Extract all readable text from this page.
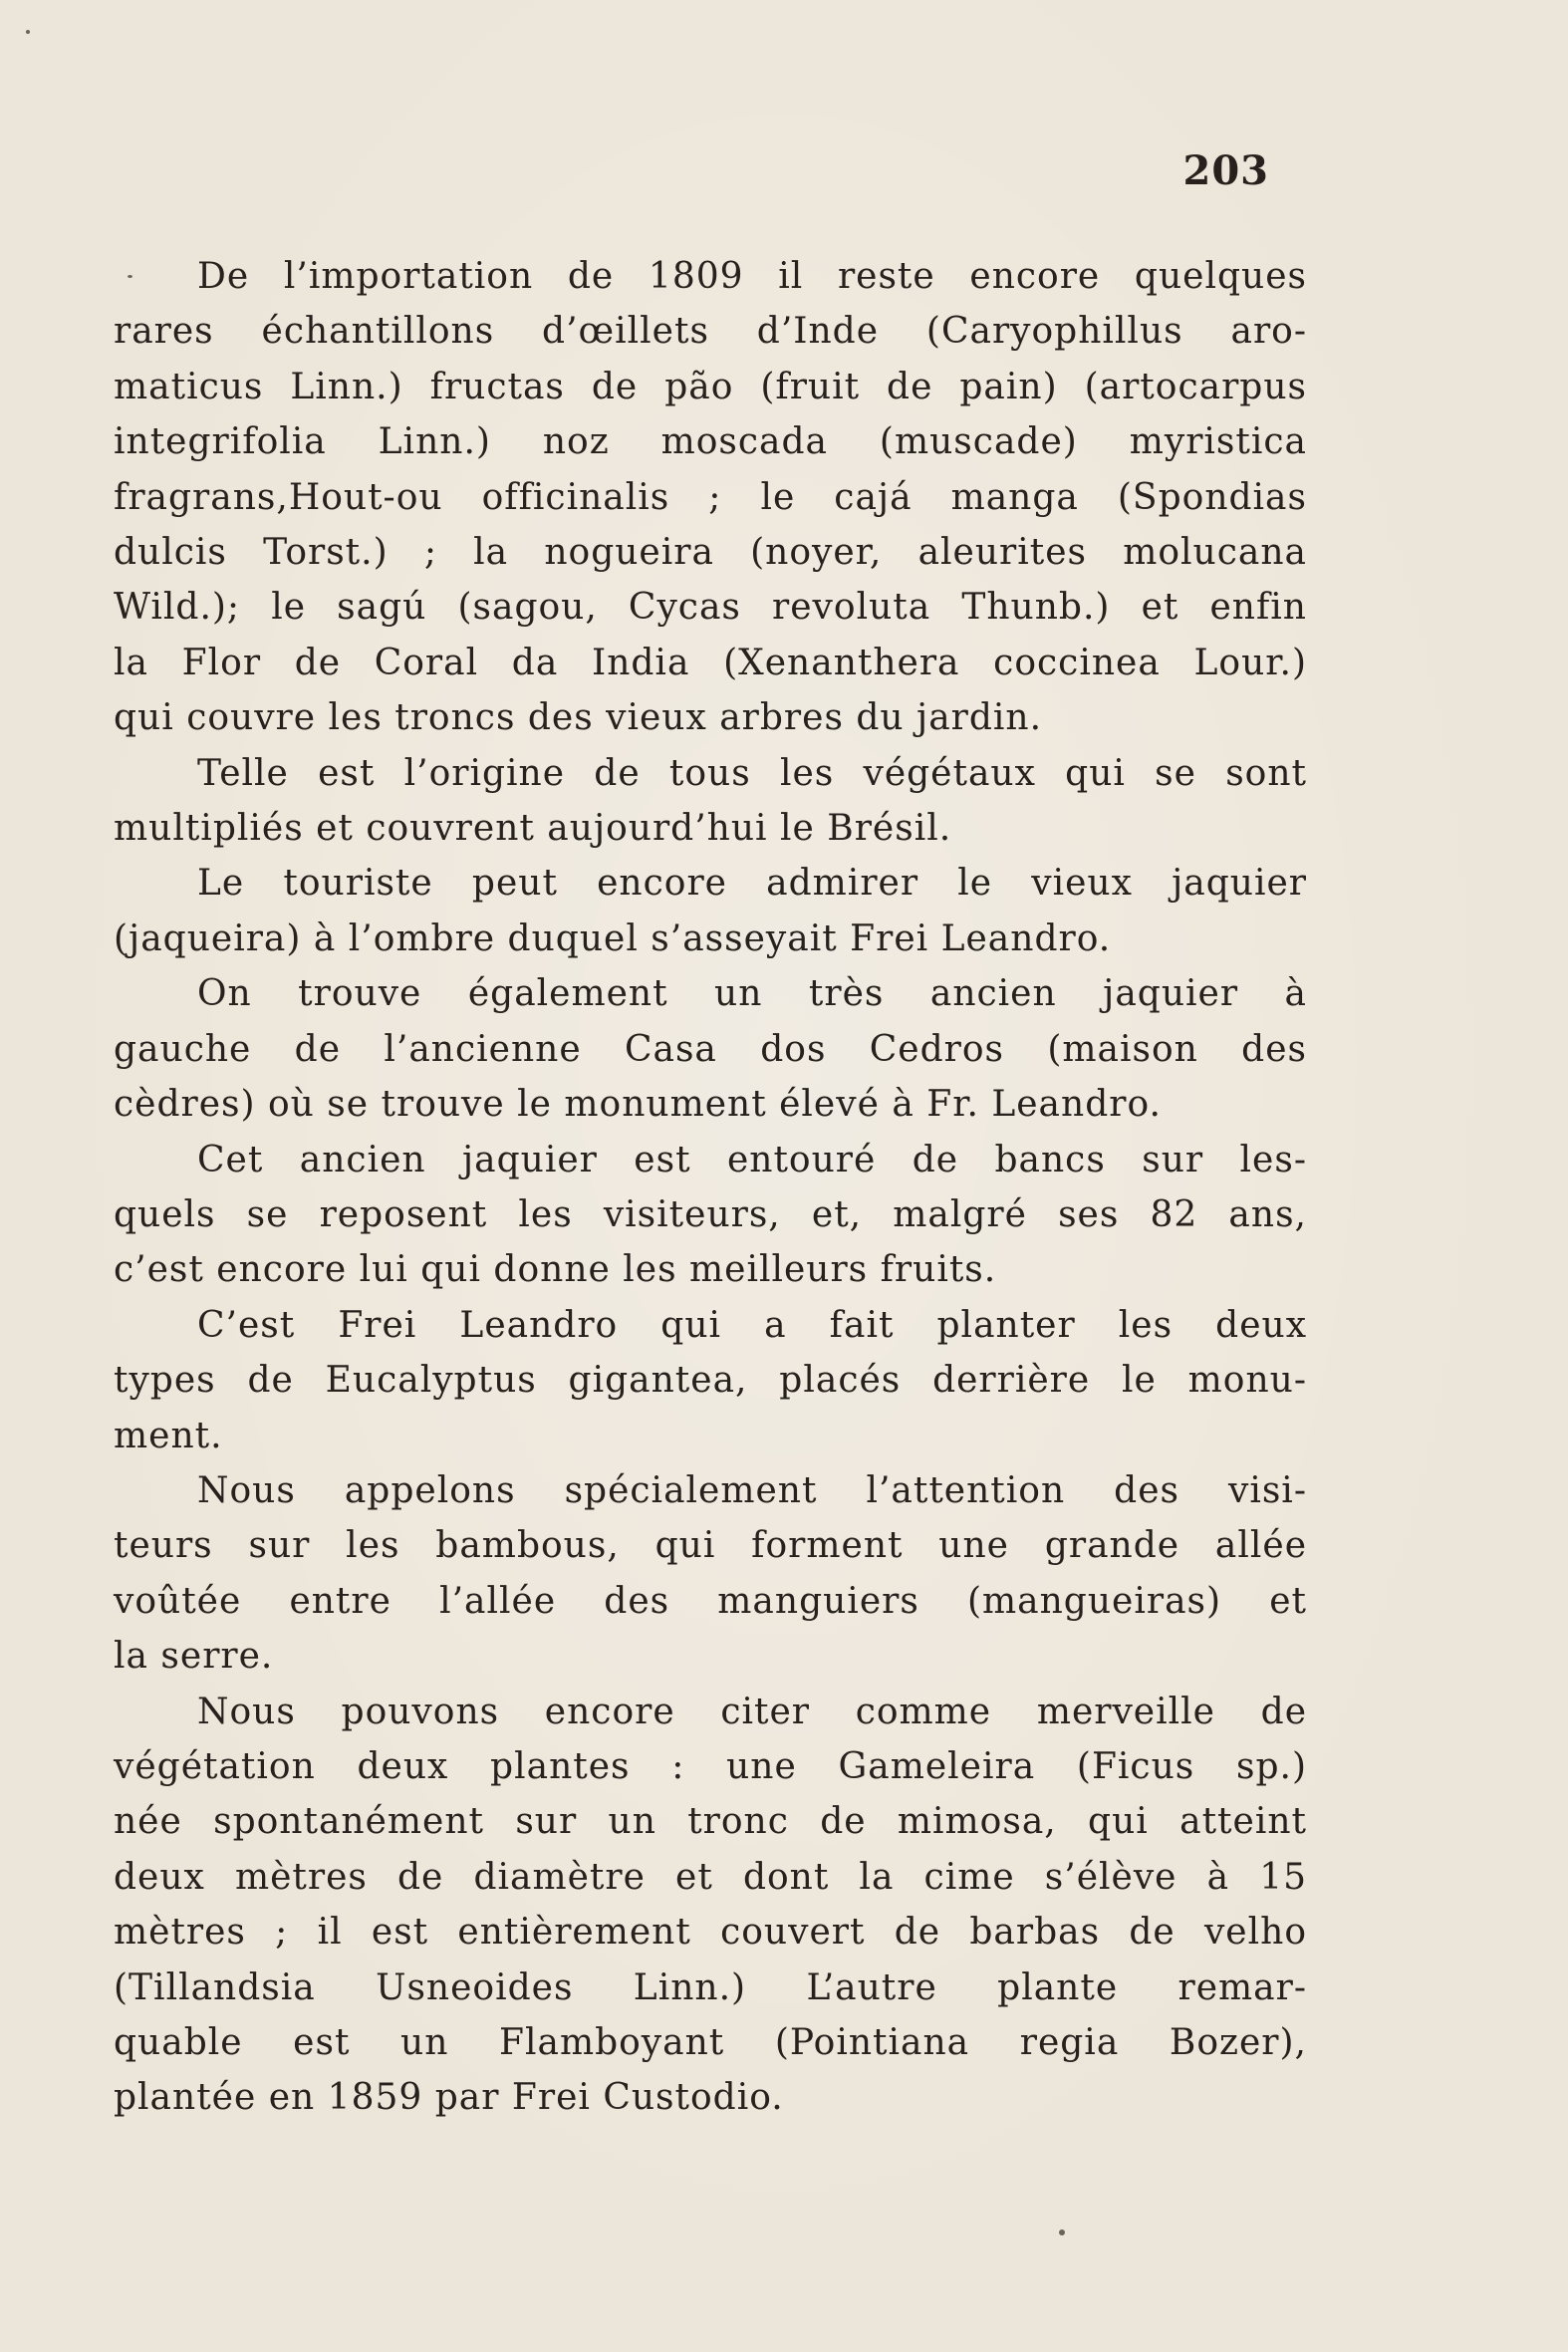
203

De l’importation de 1809 il reste encore quelques
rares échantillons d’œillets d’Inde (Caryophillus aro-
maticus Linn.) fructas de pão (fruit de pain) (artocarpus
integrifolia Linn.) noz moscada (muscade) myristica
fragrans,Hout-ou officinalis ; le cajá manga (Spondias
dulcis Torst.) ; la nogueira (noyer, aleurites molucana
Wild.); le sagú (sagou, Cycas revoluta Thunb.) et enfin
la Flor de Coral da India (Xenanthera coccinea Lour.)
qui couvre les troncs des vieux arbres du jardin.

Telle est l’origine de tous les végétaux qui se sont
multipliés et couvrent aujourd’hui le Brésil.

Le touriste peut encore admirer le vieux jaquier
(jaqueira) à l’ombre duquel s’asseyait Frei Leandro.

On trouve également un très ancien jaquier à
gauche de l’ancienne Casa dos Cedros (maison des
cèdres) où se trouve le monument élevé à Fr. Leandro.

Cet ancien jaquier est entouré de bancs sur les-
quels se reposent les visiteurs, et, malgré ses 82 ans,
c’est encore lui qui donne les meilleurs fruits.

C’est Frei Leandro qui a fait planter les deux
types de Eucalyptus gigantea, placés derrière le monu-
ment.

Nous appelons spécialement l’attention des visi-
teurs sur les bambous, qui forment une grande allée
voûtée entre l’allée des manguiers (mangueiras) et
la serre.

Nous pouvons encore citer comme merveille de
végétation deux plantes : une Gameleira (Ficus sp.)
née spontanément sur un tronc de mimosa, qui atteint
deux mètres de diamètre et dont la cime s’élève à 15
mètres ; il est entièrement couvert de barbas de velho
(Tillandsia Usneoides Linn.) L’autre plante remar-
quable est un Flamboyant (Pointiana regia Bozer),
plantée en 1859 par Frei Custodio.
